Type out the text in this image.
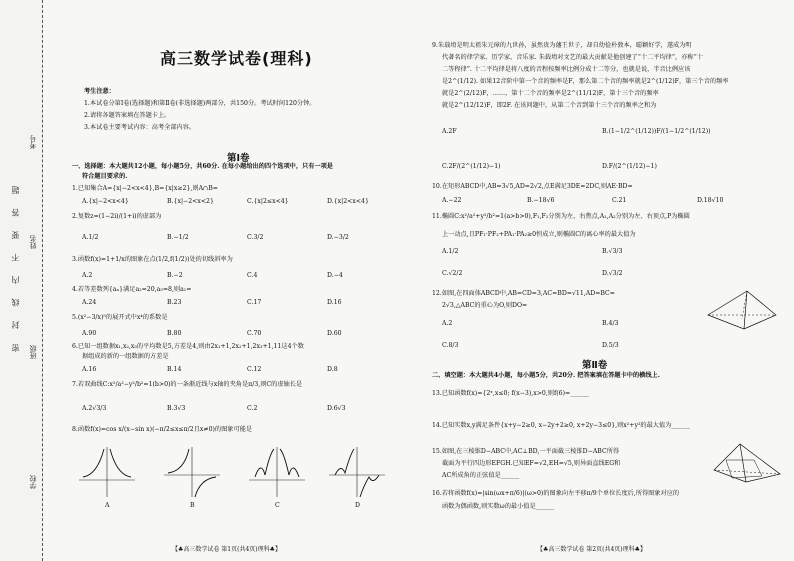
考号
姓名
班级
学校
密 封 线 内 不 要 答 题
高三数学试卷(理科)
考生注意：
1.本试卷分第Ⅰ卷(选择题)和第Ⅱ卷(非选择题)两部分，共150分。考试时间120分钟。
2.请将各题答案填在答题卡上。
3.本试卷主要考试内容：高考全部内容。
第Ⅰ卷
一、选择题：本大题共12小题，每小题5分，共60分. 在每小题给出的四个选项中，只有一项是
符合题目要求的.
1.已知集合A={x|−2<x<4},B={x|x≥2},则A∩B=
A.{x|−2<x<4}	B.{x|−2<x<2}	C.{x|2≤x<4}	D.{x|2<x<4}
2.复数z=(1−2i)/(1+i)的虚部为
A.1/2	B.−1/2	C.3/2	D.−3/2
3.函数f(x)=1+1/x的图象在点(1/2,f(1/2))处的切线斜率为
A.2	B.−2	C.4	D.−4
4.若等差数列{aₙ}满足a₂=20,a₅=8,则a₁=
A.24	B.23	C.17	D.16
5.(x²−3/x)⁵的展开式中x⁴的系数是
A.90	B.80	C.70	D.60
6.已知一组数据x₁,x₂,x₃的平均数是5,方差是4,则由2x₁+1,2x₂+1,2x₃+1,11这4个数
据组成的新的一组数据的方差是
A.16	B.14	C.12	D.8
7.若双曲线C:x²/a²−y²/b²=1(b>0)的一条渐近线与x轴的夹角是π/3,则C的虚轴长是
A.2√3/3	B.3√3	C.2	D.6√3
8.函数f(x)=cos x/(x−sin x)(−π/2≤x≤π/2且x≠0)的图象可能是
A	B	C	D
【♣高三数学试卷 第1页(共4页)理科♣】
9.朱载堉是明太祖朱元璋的九世孙，虽然贵为藩王世子，却自幼俭朴敦本，聪颖好学，遂成为明
代著名的律学家、历学家、音乐家. 朱载堉对文艺的最大贡献是他创建了“十二平均律”，亦称“十
二等程律”. 十二平均律是将八度的音程按频率比例分成十二等分，也就是说，半音比例应该
是2^(1/12). 如果12音阶中第一个音的频率是F，那么第二个音的频率就是2^(1/12)F，第三个音的频率
就是2^(2/12)F，……，第十二个音的频率是2^(11/12)F，第十三个音的频率
就是2^(12/12)F，即2F. 在该问题中，从第二个音到第十三个音的频率之和为
A.2F	B.(1−1/2^(1/12))F/(1−1/2^(1/12))
C.2F/(2^(1/12)−1)	D.F/(2^(1/12)−1)
10.在矩形ABCD中,AB=3√5,AD=2√2,点E满足3DE=2DC,则AE·BD=
A.−22	B.−18√6	C.21	D.18√10
11.椭圆C:x²/a²+y²/b²=1(a>b>0),F₁,F₂分别为左、右焦点,A₁,A₂分别为左、右顶点,P为椭圆
上一动点,且PF₁·PF₂+PA₁·PA₂≥0恒成立,则椭圆C的离心率的最大值为
A.1/2	B.√3/3
C.√2/2	D.√3/2
12.如图,在四面体ABCD中,AB=CD=3,AC=BD=√11,AD=BC=
2√3,△ABC的重心为O,则DO=
A.2	B.4/3
C.8/3	D.5/3
第Ⅱ卷
二、填空题：本大题共4小题，每小题5分，共20分. 把答案填在答题卡中的横线上.
13.已知函数f(x)={2ˣ,x≤0; f(x−3),x>0,则f(6)=______
14.已知实数x,y满足条件{x+y−2≥0, x−2y+2≥0, x+2y−3≤0},则x²+y²的最大值为______
15.如图,在三棱锥D−ABC中,AC⊥BD,一平面截三棱锥D−ABC所得
截面为平行四边形EFGH.已知EF=√2,EH=√5,则异面直线EG和
AC所成角的正弦值是______
16.若将函数f(x)=|sin(ωx+π/6)|(ω>0)的图象向左平移π/9个单位长度后,所得图象对应的
函数为偶函数,则实数ω的最小值是______
【♣高三数学试卷 第2页(共4页)理科♣】
